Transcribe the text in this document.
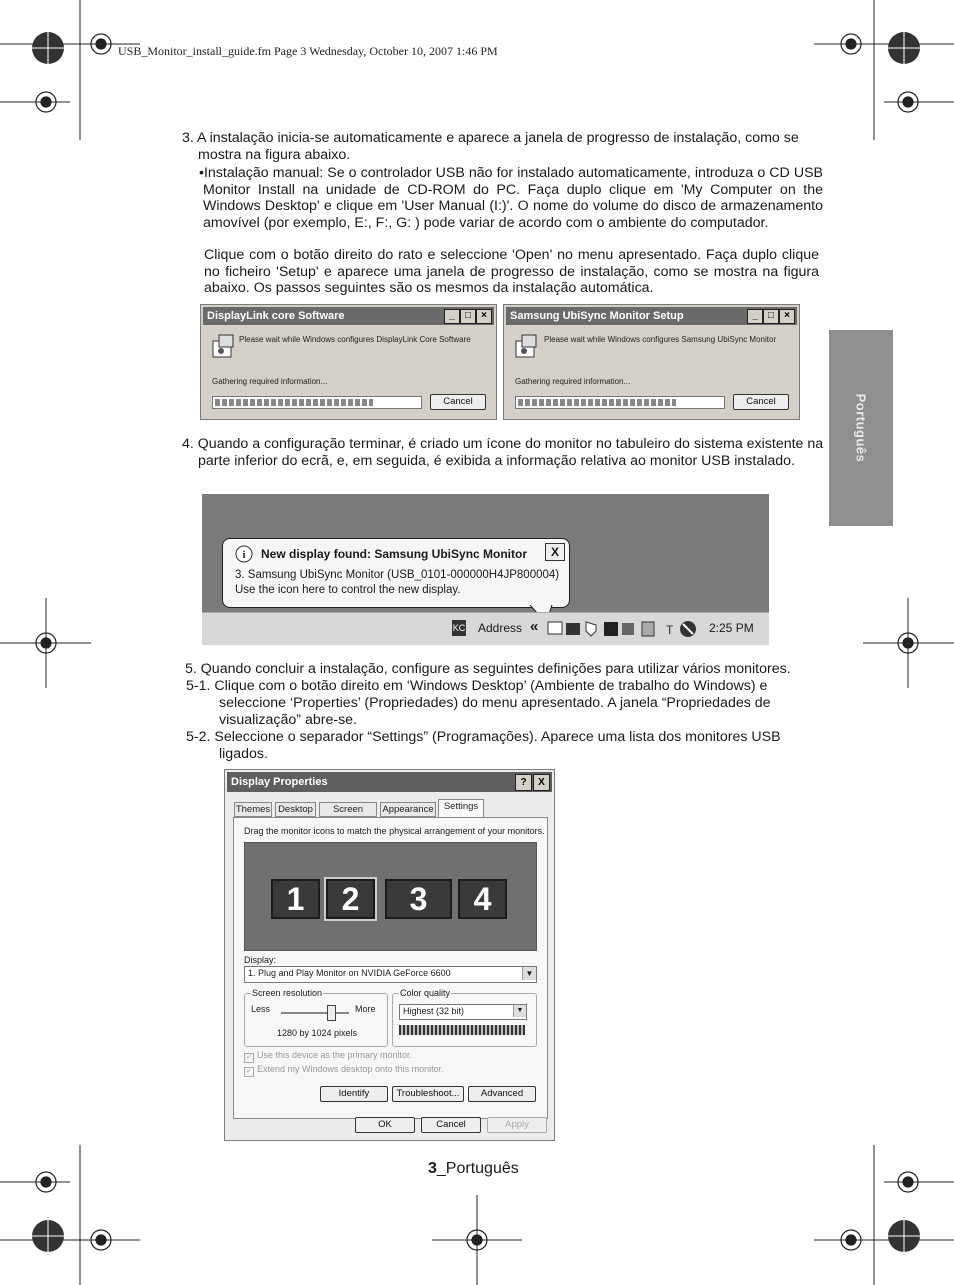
USB_Monitor_install_guide.fm Page 3 Wednesday, October 10, 2007 1:46 PM
Português
3. A instalação inicia-se automaticamente e aparece a janela de progresso de instalação, como se mostra na figura abaixo.
•Instalação manual: Se o controlador USB não for instalado automaticamente, introduza o CD USB Monitor Install na unidade de CD-ROM do PC. Faça duplo clique em 'My Computer on the Windows Desktop' e clique em 'User Manual (I:)'. O nome do volume do disco de armazenamento amovível (por exemplo, E:, F:, G: ) pode variar de acordo com o ambiente do computador.
Clique com o botão direito do rato e seleccione 'Open' no menu apresentado. Faça duplo clique no ficheiro 'Setup' e aparece uma janela de progresso de instalação, como se mostra na figura abaixo. Os passos seguintes são os mesmos da instalação automática.
DisplayLink core Software	_	□	×
Please wait while Windows configures DisplayLink Core Software
Gathering required information...
Cancel
Samsung UbiSync Monitor Setup	_	□	×
Please wait while Windows configures Samsung UbiSync Monitor
Gathering required information...
Cancel
4. Quando a configuração terminar, é criado um ícone do monitor no tabuleiro do sistema existente na parte inferior do ecrã, e, em seguida, é exibida a informação relativa ao monitor USB instalado.
i New display found: Samsung UbiSync Monitor	X
3. Samsung UbiSync Monitor (USB_0101-000000H4JP800004)
Use the icon here to control the new display.
KC Address «	T	2:25 PM
5. Quando concluir a instalação, configure as seguintes definições para utilizar vários monitores.
5-1. Clique com o botão direito em ‘Windows Desktop’ (Ambiente de trabalho do Windows) e
seleccione ‘Properties’ (Propriedades) do menu apresentado. A janela “Propriedades de
visualização” abre-se.
5-2. Seleccione o separador “Settings” (Programações). Aparece uma lista dos monitores USB
ligados.
Display Properties	?	X
Themes Desktop	Screen	Appearance	Settings
Drag the monitor icons to match the physical arrangement of your monitors.
1	2	3	4
Display:
1. Plug and Play Monitor on NVIDIA GeForce 6600	▼
Screen resolution
Less	More
1280 by 1024 pixels
Color quality
Highest (32 bit)	▼
✓ Use this device as the primary monitor.
✓ Extend my Windows desktop onto this monitor.
Identify	Troubleshoot...	Advanced
OK	Cancel	Apply
3_Português
